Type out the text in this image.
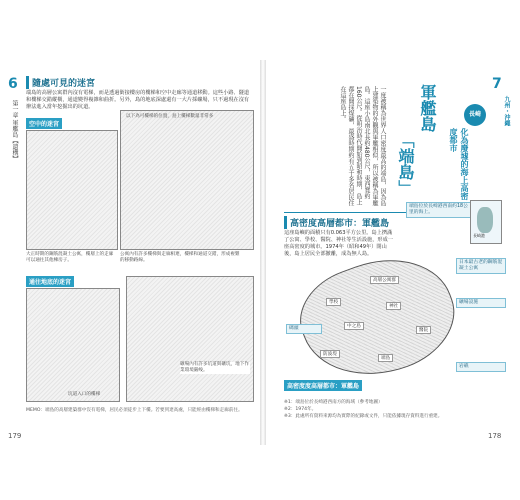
6
第一章 軍艦島【遺構】
隨處可見的迷宮
端島的高層公寓群內沒有電梯，而是透過銜接樓房的樓梯和空中走廊等通道移動。這些小路、隧道和樓梯交錯縱橫，通道變得複雜和曲折。另外，島的地底深處還有一大片採礦場，只不過現在沒有辦法進入當年挖掘出的坑道。
空中的迷宮
以下為可樓梯的位置，島上樓梯數量非常多
大正時期的鋼筋混凝土公寓，樓層上的走廊可以通往其他棟房子。
公寓內有許多樓梯與走廊相連，樓梯和通道交錯，形成複雜的移動路線。
通往地底的迷宮
坑道入口的樓梯
礦場內有許多坑道與礦坑，地下作業環境嚴峻。
MEMO：端島的高層建築群中沒有電梯，居民必須徒步上下樓。若要到達高處，只能經由樓梯和走廊前往。
179
7
九州・沖繩
長崎
化為廢墟的海上高密度都市
軍艦島
「端島」
一度被稱為世界人口密度最高的端島，因為島上建築物的外觀與軍艦相似，所以被稱為軍艦島。這座小島南北長約480公尺，東西寬約160公尺。從明治時代開始到昭和時期，島上都在開採煤礦，最盛時期約有五千多名居民住在這座島上。
高密度高層都市：軍艦島
這座島嶼的面積只有0.063平方公里。島上擠滿了公寓、學校、醫院、神社等生活設施，形成一座高密度的城市。1974年（昭和49年）閉山後，島上居民全部撤離，成為無人島。
端島位於長崎港西南約18公里的海上。
長崎港
高層公寓群
學校
神社
醫院
防波堤
日本最古老的鋼筋混凝土公寓
礦場設施
碼頭
岩礁
中之島
端島
高密度度高層都市：軍艦島
※1：端島位於長崎港西南方的海域（參考地圖）
※2：1974年。
※3：此處所有資料來源均為實際的紀錄或文件，只能依據現存資料進行重建。
178
